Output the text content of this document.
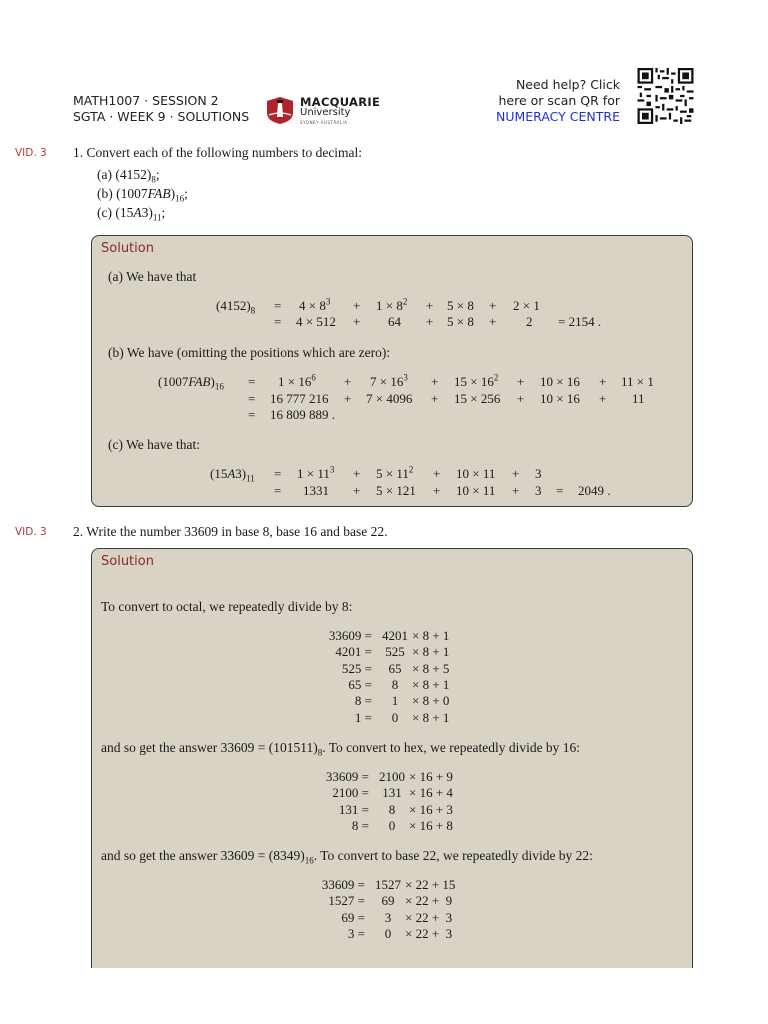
MATH1007 · SESSION 2
SGTA · WEEK 9 · SOLUTIONS
MACQUARIE
University
SYDNEY·AUSTRALIA
Need help? Click
here or scan QR for
NUMERACY CENTRE
VID. 3 1. Convert each of the following numbers to decimal:
(a) $(4152)_8$;
(b) $(1007FAB)_{16}$;
(c) $(15A3)_{11}$;
Solution
(a) We have that
$(4152)_8 = 4 \times 8^3 + 1 \times 8^2 + 5 \times 8 + 2 \times 1$
= 4 × 512 + 64 + 5 × 8 + 2 = 2154 .
(b) We have (omitting the positions which are zero):
$(1007FAB)_{16} = 1 \times 16^6 + 7 \times 16^3 + 15 \times 16^2 + 10 \times 16 + 11 \times 1$
= 16 777 216 + 7 × 4096 + 15 × 256 + 10 × 16 + 11
= 16 809 889 .
(c) We have that:
$(15A3)_{11} = 1 \times 11^3 + 5 \times 11^2 + 10 \times 11 + 3$
= 1331 + 5 × 121 + 10 × 11 + 3 = 2049 .
VID. 3 2. Write the number 33609 in base 8, base 16 and base 22.
Solution
To convert to octal, we repeatedly divide by 8:
33609 = 4201 × 8 + 1
4201 =	525 × 8 + 1
525 =	65 × 8 + 5
65 =	8	× 8 + 1
8 =	1	× 8 + 0
1 =	0	× 8 + 1
and so get the answer $33609 = (101511)_8$. To convert to hex, we repeatedly divide by 16:
33609 = 2100 × 16 + 9
2100 =	131 × 16 + 4
131 =	8	× 16 + 3
8 =	0	× 16 + 8
and so get the answer $33609 = (8349)_{16}$. To convert to base 22, we repeatedly divide by 22:
33609 = 1527 × 22 + 15
1527 =	69 × 22 +  9
69 =	3	× 22 +  3
3 =	0	× 22 +  3
